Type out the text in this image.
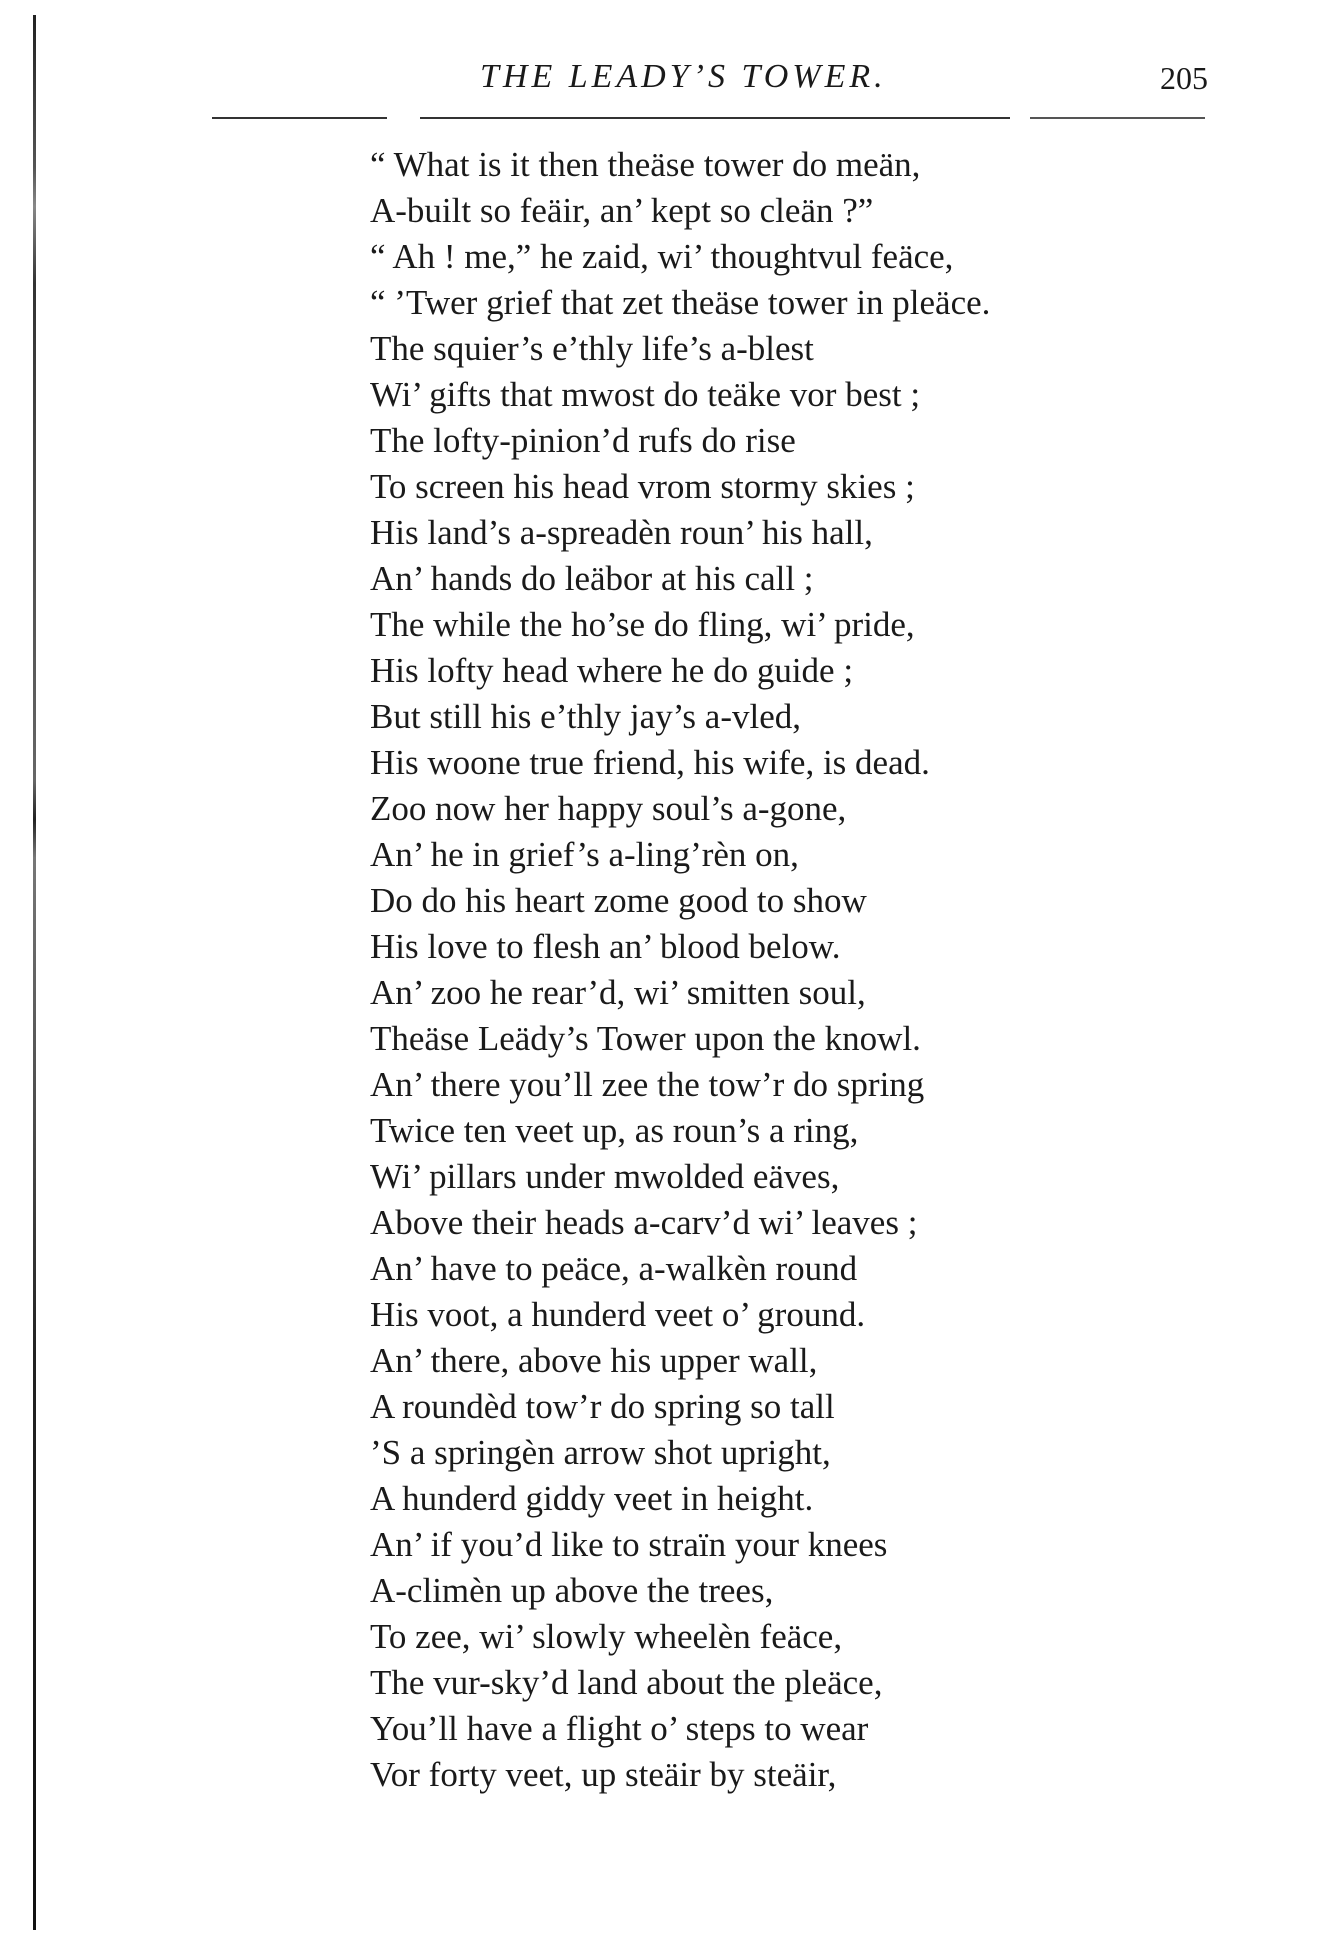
THE LEADY’S TOWER.	205
“ What is it then theäse tower do meän,
A-built so feäir, an’ kept so cleän ?”
“ Ah ! me,” he zaid, wi’ thoughtvul feäce,
“ ’Twer grief that zet theäse tower in pleäce.
The squier’s e’thly life’s a-blest
Wi’ gifts that mwost do teäke vor best ;
The lofty-pinion’d rufs do rise
To screen his head vrom stormy skies ;
His land’s a-spreadèn roun’ his hall,
An’ hands do leäbor at his call ;
The while the ho’se do fling, wi’ pride,
His lofty head where he do guide ;
But still his e’thly jay’s a-vled,
His woone true friend, his wife, is dead.
Zoo now her happy soul’s a-gone,
An’ he in grief’s a-ling’rèn on,
Do do his heart zome good to show
His love to flesh an’ blood below.
An’ zoo he rear’d, wi’ smitten soul,
Theäse Leädy’s Tower upon the knowl.
An’ there you’ll zee the tow’r do spring
Twice ten veet up, as roun’s a ring,
Wi’ pillars under mwolded eäves,
Above their heads a-carv’d wi’ leaves ;
An’ have to peäce, a-walkèn round
His voot, a hunderd veet o’ ground.
An’ there, above his upper wall,
A roundèd tow’r do spring so tall
’S a springèn arrow shot upright,
A hunderd giddy veet in height.
An’ if you’d like to straïn your knees
A-climèn up above the trees,
To zee, wi’ slowly wheelèn feäce,
The vur-sky’d land about the pleäce,
You’ll have a flight o’ steps to wear
Vor forty veet, up steäir by steäir,
